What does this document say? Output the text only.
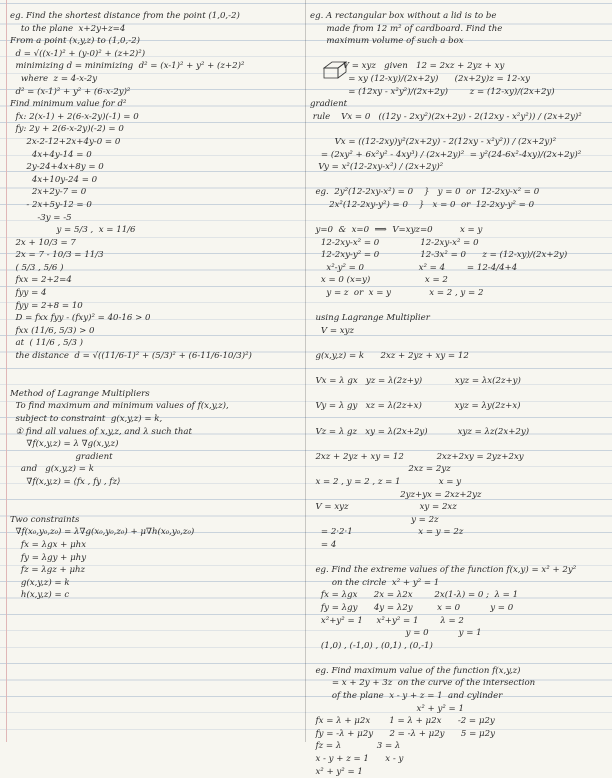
eg. Find the shortest distance from the point (1,0,-2)
to the plane  x+2y+z=4
From a point (x,y,z) to (1,0,-2)
d = √((x-1)² + (y-0)² + (z+2)²)
minimizing d = minimizing  d² = (x-1)² + y² + (z+2)²
where  z = 4-x-2y
d² = (x-1)² + y² + (6-x-2y)²
Find minimum value for d²
fx: 2(x-1) + 2(6-x-2y)(-1) = 0
fy: 2y + 2(6-x-2y)(-2) = 0
2x-2-12+2x+4y-0 = 0
4x+4y-14 = 0
2y-24+4x+8y = 0
4x+10y-24 = 0
2x+2y-7 = 0
- 2x+5y-12 = 0
-3y = -5
y = 5/3 ,  x = 11/6
2x + 10/3 = 7
2x = 7 - 10/3 = 11/3
( 5/3 , 5/6 )
fxx = 2+2=4
fyy = 4
fyy = 2+8 = 10
D = fxx fyy - (fxy)² = 40-16 > 0
fxx (11/6, 5/3) > 0
at  ( 11/6 , 5/3 )
the distance  d = √((11/6-1)² + (5/3)² + (6-11/6-10/3)²)

Method of Lagrange Multipliers
To find maximum and minimum values of f(x,y,z),
subject to constraint  g(x,y,z) = k,
① find all values of x,y,z, and λ such that
∇f(x,y,z) = λ ∇g(x,y,z)
gradient
and   g(x,y,z) = k
∇f(x,y,z) = ⟨fx , fy , fz⟩

Two constraints
∇f(x₀,y₀,z₀) = λ∇g(x₀,y₀,z₀) + μ∇h(x₀,y₀,z₀)
fx = λgx + μhx
fy = λgy + μhy
fz = λgz + μhz
g(x,y,z) = k
h(x,y,z) = c
eg. A rectangular box without a lid is to be
made from 12 m² of cardboard. Find the
maximum volume of such a box

V = xyz   given   12 = 2xz + 2yz + xy
= xy (12-xy)/(2x+2y)      (2x+2y)z = 12-xy
= (12xy - x²y²)/(2x+2y)        z = (12-xy)/(2x+2y)
gradient
rule    Vx = 0   ((12y - 2xy²)(2x+2y) - 2(12xy - x²y²)) / (2x+2y)²

Vx = ((12-2xy)y²(2x+2y) - 2(12xy - x²y²)) / (2x+2y)²
= (2xy² + 6x²y² - 4xy³) / (2x+2y)²  = y²(24-6x²-4xy)/(2x+2y)²
Vy = x²(12-2xy-x²) / (2x+2y)²

eg.  2y²(12-2xy-x²) = 0    }   y = 0  or  12-2xy-x² = 0
2x²(12-2xy-y²) = 0    }   x = 0  or  12-2xy-y² = 0

y=0  &  x=0  ⟹  V=xyz=0          x = y
12-2xy-x² = 0               12-2xy-x² = 0
12-2xy-y² = 0               12-3x² = 0      z = (12-xy)/(2x+2y)
x²-y² = 0                    x² = 4        = 12-4/4+4
x = 0 (x=y)                    x = 2
y = z  or  x = y              x = 2 , y = 2

using Lagrange Multiplier
V = xyz

g(x,y,z) = k      2xz + 2yz + xy = 12

Vx = λ gx   yz = λ(2z+y)            xyz = λx(2z+y)

Vy = λ gy   xz = λ(2z+x)            xyz = λy(2z+x)

Vz = λ gz   xy = λ(2x+2y)           xyz = λz(2x+2y)

2xz + 2yz + xy = 12            2xz+2xy = 2yz+2xy
2xz = 2yz
x = 2 , y = 2 , z = 1              x = y
2yz+yx = 2xz+2yz
V = xyz                          xy = 2xz
y = 2z
= 2·2·1                        x = y = 2z
= 4

eg. Find the extreme values of the function f(x,y) = x² + 2y²
on the circle  x² + y² = 1
fx = λgx      2x = λ2x        2x(1-λ) = 0 ;  λ = 1
fy = λgy      4y = λ2y         x = 0           y = 0
x²+y² = 1     x²+y² = 1        λ = 2
y = 0           y = 1
(1,0) , (-1,0) , (0,1) , (0,-1)

eg. Find maximum value of the function f(x,y,z)
= x + 2y + 3z  on the curve of the intersection
of the plane  x - y + z = 1  and cylinder
x² + y² = 1
fx = λ + μ2x       1 = λ + μ2x      -2 = μ2y
fy = -λ + μ2y      2 = -λ + μ2y      5 = μ2y
fz = λ             3 = λ
x - y + z = 1      x - y
x² + y² = 1
